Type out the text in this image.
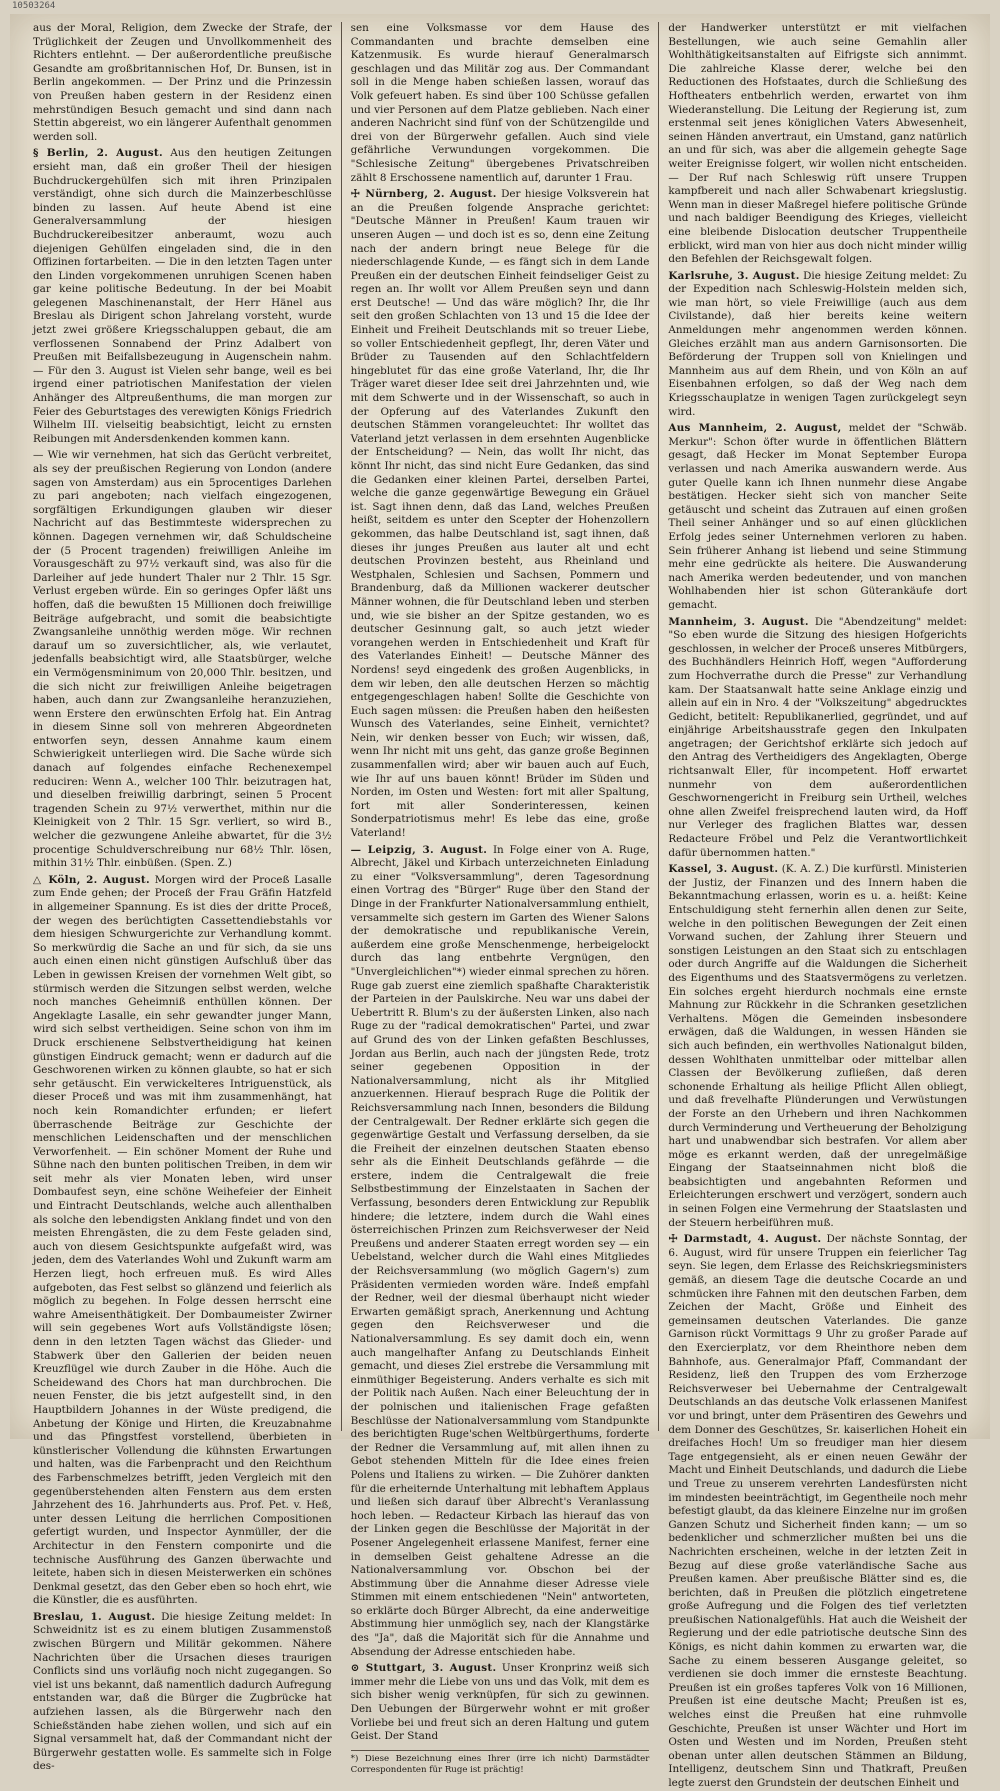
10503264

aus der Moral, Religion, dem Zwecke der Strafe, der Trüglichkeit der Zeugen und Unvollkommenheit des Richters entlehnt. — Der außerordentliche preußische Gesandte am großbritannischen Hof, Dr. Bunsen, ist in Berlin angekommen. — Der Prinz und die Prinzessin von Preußen haben gestern in der Residenz einen mehrstündigen Besuch gemacht und sind dann nach Stettin abgereist, wo ein längerer Aufenthalt genommen werden soll.

§ Berlin, 2. August. Aus den heutigen Zeitungen ersieht man, daß ein großer Theil der hiesigen Buchdruckergehülfen sich mit ihren Prinzipalen verständigt, ohne sich durch die Mainzerbeschlüsse binden zu lassen. Auf heute Abend ist eine Generalversammlung der hiesigen Buchdruckereibesitzer anberaumt, wozu auch diejenigen Gehülfen eingeladen sind, die in den Offizinen fortarbeiten. — Die in den letzten Tagen unter den Linden vorgekommenen unruhigen Scenen haben gar keine politische Bedeutung. In der bei Moabit gelegenen Maschinenanstalt, der Herr Hänel aus Breslau als Dirigent schon Jahrelang vorsteht, wurde jetzt zwei größere Kriegsschaluppen gebaut, die am verflossenen Sonnabend der Prinz Adalbert von Preußen mit Beifallsbezeugung in Augenschein nahm. — Für den 3. August ist Vielen sehr bange, weil es bei irgend einer patriotischen Manifestation der vielen Anhänger des Altpreußenthums, die man morgen zur Feier des Geburtstages des verewigten Königs Friedrich Wilhelm III. vielseitig beabsichtigt, leicht zu ernsten Reibungen mit Andersdenkenden kommen kann.

— Wie wir vernehmen, hat sich das Gerücht verbreitet, als sey der preußischen Regierung von London (andere sagen von Amsterdam) aus ein 5procentiges Darlehen zu pari angeboten; nach vielfach eingezogenen, sorgfältigen Erkundigungen glauben wir dieser Nachricht auf das Bestimmteste widersprechen zu können. Dagegen vernehmen wir, daß Schuldscheine der (5 Procent tragenden) freiwilligen Anleihe im Vorausgeschäft zu 97½ verkauft sind, was also für die Darleiher auf jede hundert Thaler nur 2 Thlr. 15 Sgr. Verlust ergeben würde. Ein so geringes Opfer läßt uns hoffen, daß die bewußten 15 Millionen doch freiwillige Beiträge aufgebracht, und somit die beabsichtigte Zwangsanleihe unnöthig werden möge. Wir rechnen darauf um so zuversichtlicher, als, wie verlautet, jedenfalls beabsichtigt wird, alle Staatsbürger, welche ein Vermögensminimum von 20,000 Thlr. besitzen, und die sich nicht zur freiwilligen Anleihe beigetragen haben, auch dann zur Zwangsanleihe heranzuziehen, wenn Erstere den erwünschten Erfolg hat. Ein Antrag in diesem Sinne soll von mehreren Abgeordneten entworfen seyn, dessen Annahme kaum einem Schwierigkeit unterliegen wird. Die Sache würde sich danach auf folgendes einfache Rechenexempel reduciren: Wenn A., welcher 100 Thlr. beizutragen hat, und dieselben freiwillig darbringt, seinen 5 Procent tragenden Schein zu 97½ verwerthet, mithin nur die Kleinigkeit von 2 Thlr. 15 Sgr. verliert, so wird B., welcher die gezwungene Anleihe abwartet, für die 3½ procentige Schuldverschreibung nur 68½ Thlr. lösen, mithin 31½ Thlr. einbüßen. (Spen. Z.)

△ Köln, 2. August. Morgen wird der Proceß Lasalle zum Ende gehen; der Proceß der Frau Gräfin Hatzfeld in allgemeiner Spannung. Es ist dies der dritte Proceß, der wegen des berüchtigten Cassettendiebstahls vor dem hiesigen Schwurgerichte zur Verhandlung kommt. So merkwürdig die Sache an und für sich, da sie uns auch einen einen nicht günstigen Aufschluß über das Leben in gewissen Kreisen der vornehmen Welt gibt, so stürmisch werden die Sitzungen selbst werden, welche noch manches Geheimniß enthüllen können. Der Angeklagte Lasalle, ein sehr gewandter junger Mann, wird sich selbst vertheidigen. Seine schon von ihm im Druck erschienene Selbstvertheidigung hat keinen günstigen Eindruck gemacht; wenn er dadurch auf die Geschworenen wirken zu können glaubte, so hat er sich sehr getäuscht. Ein verwickelteres Intriguenstück, als dieser Proceß und was mit ihm zusammenhängt, hat noch kein Romandichter erfunden; er liefert überraschende Beiträge zur Geschichte der menschlichen Leidenschaften und der menschlichen Verworfenheit. — Ein schöner Moment der Ruhe und Sühne nach den bunten politischen Treiben, in dem wir seit mehr als vier Monaten leben, wird unser Dombaufest seyn, eine schöne Weihefeier der Einheit und Eintracht Deutschlands, welche auch allenthalben als solche den lebendigsten Anklang findet und von den meisten Ehrengästen, die zu dem Feste geladen sind, auch von diesem Gesichtspunkte aufgefaßt wird, was jeden, dem des Vaterlandes Wohl und Zukunft warm am Herzen liegt, hoch erfreuen muß. Es wird Alles aufgeboten, das Fest selbst so glänzend und feierlich als möglich zu begehen. In Folge dessen herrscht eine wahre Ameisenthätigkeit. Der Dombaumeister Zwirner will sein gegebenes Wort aufs Vollständigste lösen; denn in den letzten Tagen wächst das Glieder- und Stabwerk über den Gallerien der beiden neuen Kreuzflügel wie durch Zauber in die Höhe. Auch die Scheidewand des Chors hat man durchbrochen. Die neuen Fenster, die bis jetzt aufgestellt sind, in den Hauptbildern Johannes in der Wüste predigend, die Anbetung der Könige und Hirten, die Kreuzabnahme und das Pfingstfest vorstellend, überbieten in künstlerischer Vollendung die kühnsten Erwartungen und halten, was die Farbenpracht und den Reichthum des Farbenschmelzes betrifft, jeden Vergleich mit den gegenüberstehenden alten Fenstern aus dem ersten Jahrzehent des 16. Jahrhunderts aus. Prof. Pet. v. Heß, unter dessen Leitung die herrlichen Compositionen gefertigt wurden, und Inspector Aynmüller, der die Architectur in den Fenstern componirte und die technische Ausführung des Ganzen überwachte und leitete, haben sich in diesen Meisterwerken ein schönes Denkmal gesetzt, das den Geber eben so hoch ehrt, wie die Künstler, die es ausführten.

Breslau, 1. August. Die hiesige Zeitung meldet: In Schweidnitz ist es zu einem blutigen Zusammenstoß zwischen Bürgern und Militär gekommen. Nähere Nachrichten über die Ursachen dieses traurigen Conflicts sind uns vorläufig noch nicht zugegangen. So viel ist uns bekannt, daß namentlich dadurch Aufregung entstanden war, daß die Bürger die Zugbrücke hat aufziehen lassen, als die Bürgerwehr nach den Schießständen habe ziehen wollen, und sich auf ein Signal versammelt hat, daß der Commandant nicht der Bürgerwehr gestatten wolle. Es sammelte sich in Folge des-

sen eine Volksmasse vor dem Hause des Commandanten und brachte demselben eine Katzenmusik. Es wurde hierauf Generalmarsch geschlagen und das Militär zog aus. Der Commandant soll in die Menge haben schießen lassen, worauf das Volk gefeuert haben. Es sind über 100 Schüsse gefallen und vier Personen auf dem Platze geblieben. Nach einer anderen Nachricht sind fünf von der Schützengilde und drei von der Bürgerwehr gefallen. Auch sind viele gefährliche Verwundungen vorgekommen. Die "Schlesische Zeitung" übergebenes Privatschreiben zählt 8 Erschossene namentlich auf, darunter 1 Frau.

☩ Nürnberg, 2. August. Der hiesige Volksverein hat an die Preußen folgende Ansprache gerichtet: "Deutsche Männer in Preußen! Kaum trauen wir unseren Augen — und doch ist es so, denn eine Zeitung nach der andern bringt neue Belege für die niederschlagende Kunde, — es fängt sich in dem Lande Preußen ein der deutschen Einheit feindseliger Geist zu regen an. Ihr wollt vor Allem Preußen seyn und dann erst Deutsche! — Und das wäre möglich? Ihr, die Ihr seit den großen Schlachten von 13 und 15 die Idee der Einheit und Freiheit Deutschlands mit so treuer Liebe, so voller Entschiedenheit gepflegt, Ihr, deren Väter und Brüder zu Tausenden auf den Schlachtfeldern hingeblutet für das eine große Vaterland, Ihr, die Ihr Träger waret dieser Idee seit drei Jahrzehnten und, wie mit dem Schwerte und in der Wissenschaft, so auch in der Opferung auf des Vaterlandes Zukunft den deutschen Stämmen vorangeleuchtet: Ihr wolltet das Vaterland jetzt verlassen in dem ersehnten Augenblicke der Entscheidung? — Nein, das wollt Ihr nicht, das könnt Ihr nicht, das sind nicht Eure Gedanken, das sind die Gedanken einer kleinen Partei, derselben Partei, welche die ganze gegenwärtige Bewegung ein Gräuel ist. Sagt ihnen denn, daß das Land, welches Preußen heißt, seitdem es unter den Scepter der Hohenzollern gekommen, das halbe Deutschland ist, sagt ihnen, daß dieses ihr junges Preußen aus lauter alt und echt deutschen Provinzen besteht, aus Rheinland und Westphalen, Schlesien und Sachsen, Pommern und Brandenburg, daß da Millionen wackerer deutscher Männer wohnen, die für Deutschland leben und sterben und, wie sie bisher an der Spitze gestanden, wo es deutscher Gesinnung galt, so auch jetzt wieder vorangehen werden in Entschiedenheit und Kraft für des Vaterlandes Einheit! — Deutsche Männer des Nordens! seyd eingedenk des großen Augenblicks, in dem wir leben, den alle deutschen Herzen so mächtig entgegengeschlagen haben! Sollte die Geschichte von Euch sagen müssen: die Preußen haben den heißesten Wunsch des Vaterlandes, seine Einheit, vernichtet? Nein, wir denken besser von Euch; wir wissen, daß, wenn Ihr nicht mit uns geht, das ganze große Beginnen zusammenfallen wird; aber wir bauen auch auf Euch, wie Ihr auf uns bauen könnt! Brüder im Süden und Norden, im Osten und Westen: fort mit aller Spaltung, fort mit aller Sonderinteressen, keinen Sonderpatriotismus mehr! Es lebe das eine, große Vaterland!

— Leipzig, 3. August. In Folge einer von A. Ruge, Albrecht, Jäkel und Kirbach unterzeichneten Einladung zu einer "Volksversammlung", deren Tagesordnung einen Vortrag des "Bürger" Ruge über den Stand der Dinge in der Frankfurter Nationalversammlung enthielt, versammelte sich gestern im Garten des Wiener Salons der demokratische und republikanische Verein, außerdem eine große Menschenmenge, herbeigelockt durch das lang entbehrte Vergnügen, den "Unvergleichlichen"*) wieder einmal sprechen zu hören. Ruge gab zuerst eine ziemlich spaßhafte Charakteristik der Parteien in der Paulskirche. Neu war uns dabei der Uebertritt R. Blum's zu der äußersten Linken, also nach Ruge zu der "radical demokratischen" Partei, und zwar auf Grund des von der Linken gefaßten Beschlusses, Jordan aus Berlin, auch nach der jüngsten Rede, trotz seiner gegebenen Opposition in der Nationalversammlung, nicht als ihr Mitglied anzuerkennen. Hierauf besprach Ruge die Politik der Reichsversammlung nach Innen, besonders die Bildung der Centralgewalt. Der Redner erklärte sich gegen die gegenwärtige Gestalt und Verfassung derselben, da sie die Freiheit der einzelnen deutschen Staaten ebenso sehr als die Einheit Deutschlands gefährde — die erstere, indem die Centralgewalt die freie Selbstbestimmung der Einzelstaaten in Sachen der Verfassung, besonders deren Entwicklung zur Republik hindere; die letztere, indem durch die Wahl eines österreichischen Prinzen zum Reichsverweser der Neid Preußens und anderer Staaten erregt worden sey — ein Uebelstand, welcher durch die Wahl eines Mitgliedes der Reichsversammlung (wo möglich Gagern's) zum Präsidenten vermieden worden wäre. Indeß empfahl der Redner, weil der diesmal überhaupt nicht wieder Erwarten gemäßigt sprach, Anerkennung und Achtung gegen den Reichsverweser und die Nationalversammlung. Es sey damit doch ein, wenn auch mangelhafter Anfang zu Deutschlands Einheit gemacht, und dieses Ziel erstrebe die Versammlung mit einmüthiger Begeisterung. Anders verhalte es sich mit der Politik nach Außen. Nach einer Beleuchtung der in der polnischen und italienischen Frage gefaßten Beschlüsse der Nationalversammlung vom Standpunkte des berichtigten Ruge'schen Weltbürgerthums, forderte der Redner die Versammlung auf, mit allen ihnen zu Gebot stehenden Mitteln für die Idee eines freien Polens und Italiens zu wirken. — Die Zuhörer dankten für die erheiternde Unterhaltung mit lebhaftem Applaus und ließen sich darauf über Albrecht's Veranlassung hoch leben. — Redacteur Kirbach las hierauf das von der Linken gegen die Beschlüsse der Majorität in der Posener Angelegenheit erlassene Manifest, ferner eine in demselben Geist gehaltene Adresse an die Nationalversammlung vor. Obschon bei der Abstimmung über die Annahme dieser Adresse viele Stimmen mit einem entschiedenen "Nein" antworteten, so erklärte doch Bürger Albrecht, da eine anderweitige Abstimmung hier unmöglich sey, nach der Klangstärke des "Ja", daß die Majorität sich für die Annahme und Absendung der Adresse entschieden habe.

⊙ Stuttgart, 3. August. Unser Kronprinz weiß sich immer mehr die Liebe von uns und das Volk, mit dem es sich bisher wenig verknüpfen, für sich zu gewinnen. Den Uebungen der Bürgerwehr wohnt er mit großer Vorliebe bei und freut sich an deren Haltung und gutem Geist. Der Stand

*) Diese Bezeichnung eines Ihrer (irre ich nicht) Darmstädter Correspondenten für Ruge ist prächtig!

der Handwerker unterstützt er mit vielfachen Bestellungen, wie auch seine Gemahlin aller Wohlthätigkeitsanstalten auf Eifrigste sich annimmt. Die zahlreiche Klasse derer, welche bei den Reductionen des Hofstaates, durch die Schließung des Hoftheaters entbehrlich werden, erwartet von ihm Wiederanstellung. Die Leitung der Regierung ist, zum erstenmal seit jenes königlichen Vaters Abwesenheit, seinen Händen anvertraut, ein Umstand, ganz natürlich an und für sich, was aber die allgemein gehegte Sage weiter Ereignisse folgert, wir wollen nicht entscheiden. — Der Ruf nach Schleswig rüft unsere Truppen kampfbereit und nach aller Schwabenart kriegslustig. Wenn man in dieser Maßregel hiefere politische Gründe und nach baldiger Beendigung des Krieges, vielleicht eine bleibende Dislocation deutscher Truppentheile erblickt, wird man von hier aus doch nicht minder willig den Befehlen der Reichsgewalt folgen.

Karlsruhe, 3. August. Die hiesige Zeitung meldet: Zu der Expedition nach Schleswig-Holstein melden sich, wie man hört, so viele Freiwillige (auch aus dem Civilstande), daß hier bereits keine weitern Anmeldungen mehr angenommen werden können. Gleiches erzählt man aus andern Garnisonsorten. Die Beförderung der Truppen soll von Knielingen und Mannheim aus auf dem Rhein, und von Köln an auf Eisenbahnen erfolgen, so daß der Weg nach dem Kriegsschauplatze in wenigen Tagen zurückgelegt seyn wird.

Aus Mannheim, 2. August, meldet der "Schwäb. Merkur": Schon öfter wurde in öffentlichen Blättern gesagt, daß Hecker im Monat September Europa verlassen und nach Amerika auswandern werde. Aus guter Quelle kann ich Ihnen nunmehr diese Angabe bestätigen. Hecker sieht sich von mancher Seite getäuscht und scheint das Zutrauen auf einen großen Theil seiner Anhänger und so auf einen glücklichen Erfolg jedes seiner Unternehmen verloren zu haben. Sein früherer Anhang ist liebend und seine Stimmung mehr eine gedrückte als heitere. Die Auswanderung nach Amerika werden bedeutender, und von manchen Wohlhabenden hier ist schon Güterankäufe dort gemacht.

Mannheim, 3. August. Die "Abendzeitung" meldet: "So eben wurde die Sitzung des hiesigen Hofgerichts geschlossen, in welcher der Proceß unseres Mitbürgers, des Buchhändlers Heinrich Hoff, wegen "Aufforderung zum Hochverrathe durch die Presse" zur Verhandlung kam. Der Staatsanwalt hatte seine Anklage einzig und allein auf ein in Nro. 4 der "Volkszeitung" abgedrucktes Gedicht, betitelt: Republikanerlied, gegründet, und auf einjährige Arbeitshausstrafe gegen den Inkulpaten angetragen; der Gerichtshof erklärte sich jedoch auf den Antrag des Vertheidigers des Angeklagten, Oberge richtsanwalt Eller, für incompetent. Hoff erwartet nunmehr von dem außerordentlichen Geschwornengericht in Freiburg sein Urtheil, welches ohne allen Zweifel freisprechend lauten wird, da Hoff nur Verleger des fraglichen Blattes war, dessen Redacteure Fröbel und Pelz die Verantwortlichkeit dafür übernommen hatten."

Kassel, 3. August. (K. A. Z.) Die kurfürstl. Ministerien der Justiz, der Finanzen und des Innern haben die Bekanntmachung erlassen, worin es u. a. heißt: Keine Entschuldigung steht fernerhin allen denen zur Seite, welche in den politischen Bewegungen der Zeit einen Vorwand suchen, der Zahlung ihrer Steuern und sonstigen Leistungen an den Staat sich zu entschlagen oder durch Angriffe auf die Waldungen die Sicherheit des Eigenthums und des Staatsvermögens zu verletzen. Ein solches ergeht hierdurch nochmals eine ernste Mahnung zur Rückkehr in die Schranken gesetzlichen Verhaltens. Mögen die Gemeinden insbesondere erwägen, daß die Waldungen, in wessen Händen sie sich auch befinden, ein werthvolles Nationalgut bilden, dessen Wohlthaten unmittelbar oder mittelbar allen Classen der Bevölkerung zufließen, daß deren schonende Erhaltung als heilige Pflicht Allen obliegt, und daß frevelhafte Plünderungen und Verwüstungen der Forste an den Urhebern und ihren Nachkommen durch Verminderung und Vertheuerung der Beholzigung hart und unabwendbar sich bestrafen. Vor allem aber möge es erkannt werden, daß der unregelmäßige Eingang der Staatseinnahmen nicht bloß die beabsichtigten und angebahnten Reformen und Erleichterungen erschwert und verzögert, sondern auch in seinen Folgen eine Vermehrung der Staatslasten und der Steuern herbeiführen muß.

☩ Darmstadt, 4. August. Der nächste Sonntag, der 6. August, wird für unsere Truppen ein feierlicher Tag seyn. Sie legen, dem Erlasse des Reichskriegsministers gemäß, an diesem Tage die deutsche Cocarde an und schmücken ihre Fahnen mit den deutschen Farben, dem Zeichen der Macht, Größe und Einheit des gemeinsamen deutschen Vaterlandes. Die ganze Garnison rückt Vormittags 9 Uhr zu großer Parade auf den Exercierplatz, vor dem Rheinthore neben dem Bahnhofe, aus. Generalmajor Pfaff, Commandant der Residenz, ließ den Truppen des vom Erzherzoge Reichsverweser bei Uebernahme der Centralgewalt Deutschlands an das deutsche Volk erlassenen Manifest vor und bringt, unter dem Präsentiren des Gewehrs und dem Donner des Geschützes, Sr. kaiserlichen Hoheit ein dreifaches Hoch! Um so freudiger man hier diesem Tage entgegensieht, als er einen neuen Gewähr der Macht und Einheit Deutschlands, und dadurch die Liebe und Treue zu unserem verehrten Landesfürsten nicht im mindesten beeinträchtigt, im Gegentheile noch mehr befestigt glaubt, da das kleinere Einzelne nur im großen Ganzen Schutz und Sicherheit finden kann; — um so bedenklicher und schmerzlicher mußten bei uns die Nachrichten erscheinen, welche in der letzten Zeit in Bezug auf diese große vaterländische Sache aus Preußen kamen. Aber preußische Blätter sind es, die berichten, daß in Preußen die plötzlich eingetretene große Aufregung und die Folgen des tief verletzten preußischen Nationalgefühls. Hat auch die Weisheit der Regierung und der edle patriotische deutsche Sinn des Königs, es nicht dahin kommen zu erwarten war, die Sache zu einem besseren Ausgange geleitet, so verdienen sie doch immer die ernsteste Beachtung. Preußen ist ein großes tapferes Volk von 16 Millionen, Preußen ist eine deutsche Macht; Preußen ist es, welches einst die Preußen hat eine ruhmvolle Geschichte, Preußen ist unser Wächter und Hort im Osten und Westen und im Norden, Preußen steht obenan unter allen deutschen Stämmen an Bildung, Intelligenz, deutschem Sinn und Thatkraft, Preußen legte zuerst den Grundstein der deutschen Einheit und
